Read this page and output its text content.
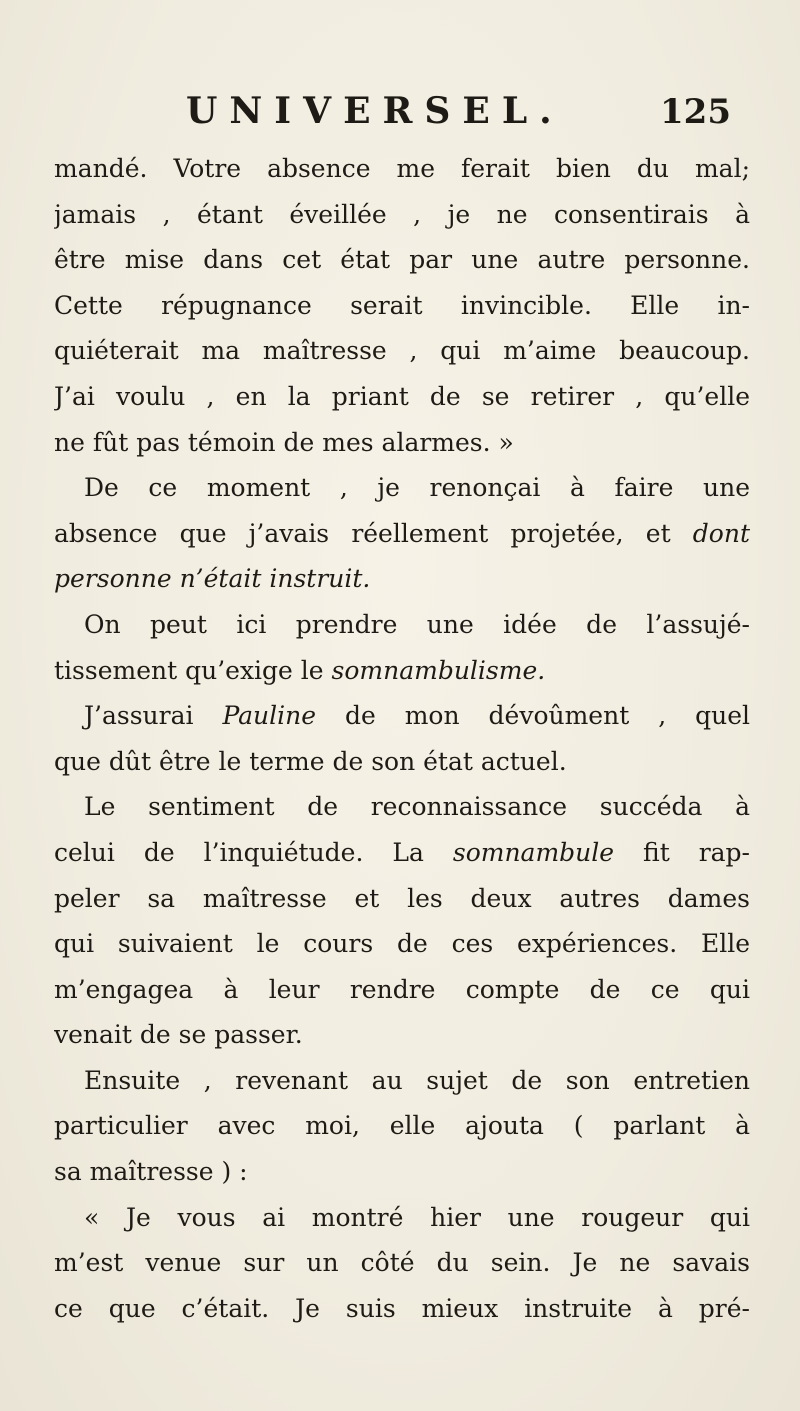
UNIVERSEL.	125
mandé. Votre absence me ferait bien du mal;
jamais , étant éveillée , je ne consentirais à
être mise dans cet état par une autre personne.
Cette répugnance serait invincible. Elle in-
quiéterait ma maîtresse , qui m’aime beaucoup.
J’ai voulu , en la priant de se retirer , qu’elle
ne fût pas témoin de mes alarmes. »
De ce moment , je renonçai à faire une
absence que j’avais réellement projetée, et dont
personne n’était instruit.
On peut ici prendre une idée de l’assujé-
tissement qu’exige le somnambulisme.
J’assurai Pauline de mon dévoûment , quel
que dût être le terme de son état actuel.
Le sentiment de reconnaissance succéda à
celui de l’inquiétude. La somnambule fit rap-
peler sa maîtresse et les deux autres dames
qui suivaient le cours de ces expériences. Elle
m’engagea à leur rendre compte de ce qui
venait de se passer.
Ensuite , revenant au sujet de son entretien
particulier avec moi, elle ajouta ( parlant à
sa maîtresse ) :
« Je vous ai montré hier une rougeur qui
m’est venue sur un côté du sein. Je ne savais
ce que c’était. Je suis mieux instruite à pré-
